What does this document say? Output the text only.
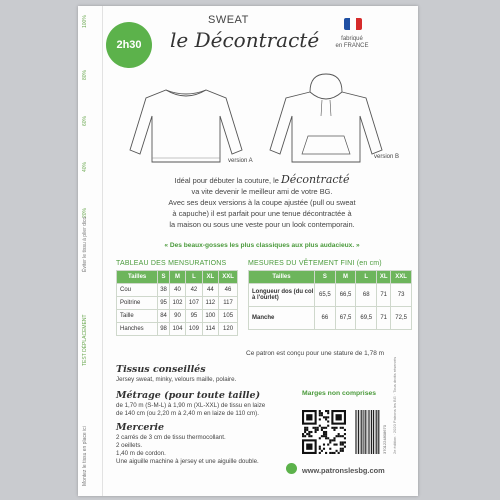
100%
80%
60%
40%
20%
Éviter le tissu à plier dico
TEST DÉPLACEMENT
Montez le tissu en place ici
2h30
SWEAT
le Décontracté	fabriqué
en FRANCE
version A
version B
Idéal pour débuter la couture, le Décontracté
va vite devenir le meilleur ami de votre BG.
Avec ses deux versions à la coupe ajustée (pull ou sweat
à capuche) il est parfait pour une tenue décontractée à
la maison ou sous une veste pour un look contemporain.
« Des beaux-gosses les plus classiques aux plus audacieux. »
TABLEAU DES MENSURATIONS
Tailles	S	M	L	XL	XXL
Cou	38	40	42	44	46
Poitrine	95	102	107	112	117
Taille	84	90	95	100	105
Hanches	98	104	109	114	120
MESURES DU VÊTEMENT FINI (en cm)
Tailles	S	M	L	XL	XXL
Longueur dos (du col à l'ourlet)	65,5	66,5	68	71	73
Manche	66	67,5	69,5	71	72,5
Ce patron est conçu pour une stature de 1,78 m
Tissus conseillés
Jersey sweat, minky, velours maille, polaire.
Métrage (pour toute taille)
de 1,70 m (S-M-L) à 1,90 m (XL-XXL) de tissu en laize
de 140 cm (ou 2,20 m à 2,40 m en laize de 110 cm).
Mercerie
2 carrés de 3 cm de tissu thermocollant.
2 oeillets.
1,40 m de cordon.
Une aiguille machine à jersey et une aiguille double.
Marges non comprises
3701224808670 2e édition · 2020 Patrons les BG · Tous droits réservés
www.patronslesbg.com
